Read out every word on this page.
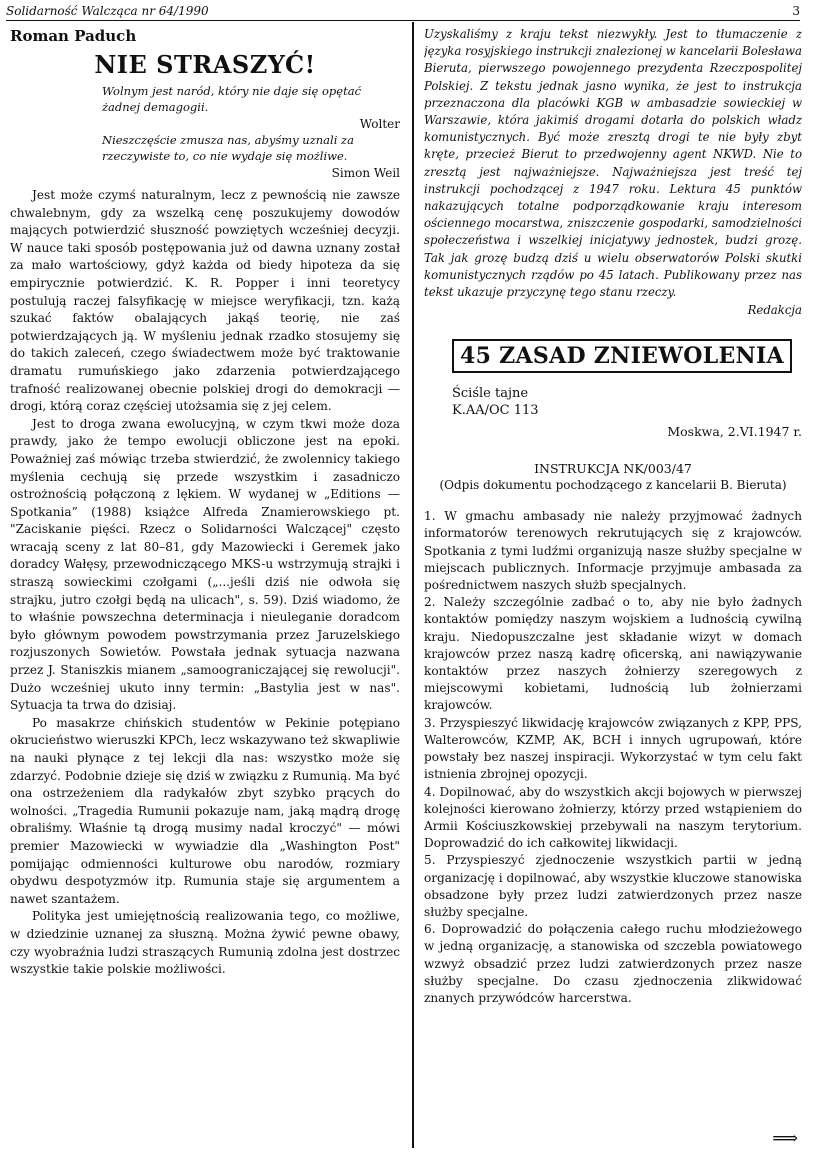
Solidarność Walcząca nr 64/1990	3

Roman Paduch

NIE STRASZYĆ!

Wolnym jest naród, który nie daje się opętać żadnej demagogii.

Wolter

Nieszczęście zmusza nas, abyśmy uznali za rzeczywiste to, co nie wydaje się możliwe.

Simon Weil

Jest może czymś naturalnym, lecz z pewnością nie zawsze chwalebnym, gdy za wszelką cenę poszukujemy dowodów mających potwierdzić słuszność powziętych wcześniej decyzji. W nauce taki sposób postępowania już od dawna uznany został za mało wartościowy, gdyż każda od biedy hipoteza da się empirycznie potwierdzić. K. R. Popper i inni teoretycy postulują raczej falsyfikację w miejsce weryfikacji, tzn. każą szukać faktów obalających jakąś teorię, nie zaś potwierdzających ją. W myśleniu jednak rzadko stosujemy się do takich zaleceń, czego świadectwem może być traktowanie dramatu rumuńskiego jako zdarzenia potwierdzającego trafność realizowanej obecnie polskiej drogi do demokracji — drogi, którą coraz częściej utożsamia się z jej celem.

Jest to droga zwana ewolucyjną, w czym tkwi może doza prawdy, jako że tempo ewolucji obliczone jest na epoki. Poważniej zaś mówiąc trzeba stwierdzić, że zwolennicy takiego myślenia cechują się przede wszystkim i zasadniczo ostrożnością połączoną z lękiem. W wydanej w „Editions — Spotkania” (1988) książce Alfreda Znamierowskiego pt. "Zaciskanie pięści. Rzecz o Solidarności Walczącej" często wracają sceny z lat 80–81, gdy Mazowiecki i Geremek jako doradcy Wałęsy, przewodniczącego MKS-u wstrzymują strajki i straszą sowieckimi czołgami („...jeśli dziś nie odwoła się strajku, jutro czołgi będą na ulicach", s. 59). Dziś wiadomo, że to właśnie powszechna determinacja i nieuleganie doradcom było głównym powodem powstrzymania przez Jaruzelskiego rozjuszonych Sowietów. Powstała jednak sytuacja nazwana przez J. Staniszkis mianem „samoograniczającej się rewolucji". Dużo wcześniej ukuto inny termin: „Bastylia jest w nas". Sytuacja ta trwa do dzisiaj.

Po masakrze chińskich studentów w Pekinie potępiano okrucieństwo wieruszki KPCh, lecz wskazywano też skwapliwie na nauki płynące z tej lekcji dla nas: wszystko może się zdarzyć. Podobnie dzieje się dziś w związku z Rumunią. Ma być ona ostrzeżeniem dla radykałów zbyt szybko prących do wolności. „Tragedia Rumunii pokazuje nam, jaką mądrą drogę obraliśmy. Właśnie tą drogą musimy nadal kroczyć" — mówi premier Mazowiecki w wywiadzie dla „Washington Post" pomijając odmienności kulturowe obu narodów, rozmiary obydwu despotyzmów itp. Rumunia staje się argumentem a nawet szantażem.

Polityka jest umiejętnością realizowania tego, co możliwe, w dziedzinie uznanej za słuszną. Można żywić pewne obawy, czy wyobraźnia ludzi straszących Rumunią zdolna jest dostrzec wszystkie takie polskie możliwości.

Uzyskaliśmy z kraju tekst niezwykły. Jest to tłumaczenie z języka rosyjskiego instrukcji znalezionej w kancelarii Bolesława Bieruta, pierwszego powojennego prezydenta Rzeczpospolitej Polskiej. Z tekstu jednak jasno wynika, że jest to instrukcja przeznaczona dla placówki KGB w ambasadzie sowieckiej w Warszawie, która jakimiś drogami dotarła do polskich władz komunistycznych. Być może zresztą drogi te nie były zbyt kręte, przecież Bierut to przedwojenny agent NKWD. Nie to zresztą jest najważniejsze. Najważniejsza jest treść tej instrukcji pochodzącej z 1947 roku. Lektura 45 punktów nakazujących totalne podporządkowanie kraju interesom ościennego mocarstwa, zniszczenie gospodarki, samodzielności społeczeństwa i wszelkiej inicjatywy jednostek, budzi grozę. Tak jak grozę budzą dziś u wielu obserwatorów Polski skutki komunistycznych rządów po 45 latach. Publikowany przez nas tekst ukazuje przyczynę tego stanu rzeczy.

Redakcja

45 ZASAD ZNIEWOLENIA
Ściśle tajne
K.AA/OC 113

Moskwa, 2.VI.1947 r.

INSTRUKCJA NK/003/47

(Odpis dokumentu pochodzącego z kancelarii B. Bieruta)

1. W gmachu ambasady nie należy przyjmować żadnych informatorów terenowych rekrutujących się z krajowców. Spotkania z tymi ludźmi organizują nasze służby specjalne w miejscach publicznych. Informacje przyjmuje ambasada za pośrednictwem naszych służb specjalnych.

2. Należy szczególnie zadbać o to, aby nie było żadnych kontaktów pomiędzy naszym wojskiem a ludnością cywilną kraju. Niedopuszczalne jest składanie wizyt w domach krajowców przez naszą kadrę oficerską, ani nawiązywanie kontaktów przez naszych żołnierzy szeregowych z miejscowymi kobietami, ludnością lub żołnierzami krajowców.

3. Przyspieszyć likwidację krajowców związanych z KPP, PPS, Walterowców, KZMP, AK, BCH i innych ugrupowań, które powstały bez naszej inspiracji. Wykorzystać w tym celu fakt istnienia zbrojnej opozycji.

4. Dopilnować, aby do wszystkich akcji bojowych w pierwszej kolejności kierowano żołnierzy, którzy przed wstąpieniem do Armii Kościuszkowskiej przebywali na naszym terytorium. Doprowadzić do ich całkowitej likwidacji.

5. Przyspieszyć zjednoczenie wszystkich partii w jedną organizację i dopilnować, aby wszystkie kluczowe stanowiska obsadzone były przez ludzi zatwierdzonych przez nasze służby specjalne.

6. Doprowadzić do połączenia całego ruchu młodzieżowego w jedną organizację, a stanowiska od szczebla powiatowego wzwyż obsadzić przez ludzi zatwierdzonych przez nasze służby specjalne. Do czasu zjednoczenia zlikwidować znanych przywódców harcerstwa.

⟹
